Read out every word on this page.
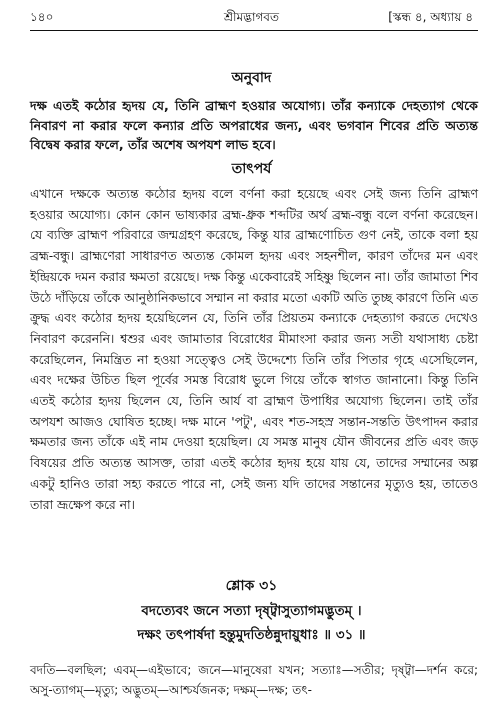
১৪০	শ্রীমদ্ভাগবত	[স্কন্ধ ৪, অধ্যায় ৪
অনুবাদ
দক্ষ এতই কঠোর হৃদয় যে, তিনি ব্রাহ্মণ হওয়ার অযোগ্য। তাঁর কন্যাকে দেহত্যাগ থেকে নিবারণ না করার ফলে কন্যার প্রতি অপরাধের জন্য, এবং ভগবান শিবের প্রতি অত্যন্ত বিদ্বেষ করার ফলে, তাঁর অশেষ অপযশ লাভ হবে।
তাৎপর্য
এখানে দক্ষকে অত্যন্ত কঠোর হৃদয় বলে বর্ণনা করা হয়েছে এবং সেই জন্য তিনি ব্রাহ্মণ হওয়ার অযোগ্য। কোন কোন ভাষ্যকার ব্রহ্ম-ধ্রুক শব্দটির অর্থ ব্রহ্ম-বন্ধু বলে বর্ণনা করেছেন। যে ব্যক্তি ব্রাহ্মণ পরিবারে জন্মগ্রহণ করেছে, কিন্তু যার ব্রাহ্মণোচিত গুণ নেই, তাকে বলা হয় ব্রহ্ম-বন্ধু। ব্রাহ্মণেরা সাধারণত অত্যন্ত কোমল হৃদয় এবং সহনশীল, কারণ তাঁদের মন এবং ইন্দ্রিয়কে দমন করার ক্ষমতা রয়েছে। দক্ষ কিন্তু একেবারেই সহিষ্ণু ছিলেন না। তাঁর জামাতা শিব উঠে দাঁড়িয়ে তাঁকে আনুষ্ঠানিকভাবে সম্মান না করার মতো একটি অতি তুচ্ছ কারণে তিনি এত ক্রুদ্ধ এবং কঠোর হৃদয় হয়েছিলেন যে, তিনি তাঁর প্রিয়তম কন্যাকে দেহত্যাগ করতে দেখেও নিবারণ করেননি। শ্বশুর এবং জামাতার বিরোধের মীমাংসা করার জন্য সতী যথাসাধ্য চেষ্টা করেছিলেন, নিমন্ত্রিত না হওয়া সত্ত্বেও সেই উদ্দেশ্যে তিনি তাঁর পিতার গৃহে এসেছিলেন, এবং দক্ষের উচিত ছিল পূর্বের সমস্ত বিরোধ ভুলে গিয়ে তাঁকে স্বাগত জানানো। কিন্তু তিনি এতই কঠোর হৃদয় ছিলেন যে, তিনি আর্য বা ব্রাহ্মণ উপাধির অযোগ্য ছিলেন। তাই তাঁর অপযশ আজও ঘোষিত হচ্ছে। দক্ষ মানে 'পটু', এবং শত-সহস্র সন্তান-সন্ততি উৎপাদন করার ক্ষমতার জন্য তাঁকে এই নাম দেওয়া হয়েছিল। যে সমস্ত মানুষ যৌন জীবনের প্রতি এবং জড় বিষয়ের প্রতি অত্যন্ত আসক্ত, তারা এতই কঠোর হৃদয় হয়ে যায় যে, তাদের সম্মানের অল্প একটু হানিও তারা সহ্য করতে পারে না, সেই জন্য যদি তাদের সন্তানের মৃত্যুও হয়, তাতেও তারা ভ্রূক্ষেপ করে না।
শ্লোক ৩১
বদত্যেবং জনে সত্যা দৃষ্ট্বাসুত্যাগমদ্ভুতম্ ।
দক্ষং তৎপার্ষদা হন্তুমুদতিষ্ঠন্নুদায়ুধাঃ ॥ ৩১ ॥
বদতি—বলছিল; এবম্—এইভাবে; জনে—মানুষেরা যখন; সত্যাঃ—সতীর; দৃষ্ট্বা—দর্শন করে; অসু-ত্যাগম্—মৃত্যু; অদ্ভুতম্—আশ্চর্যজনক; দক্ষম্—দক্ষ; তৎ-
